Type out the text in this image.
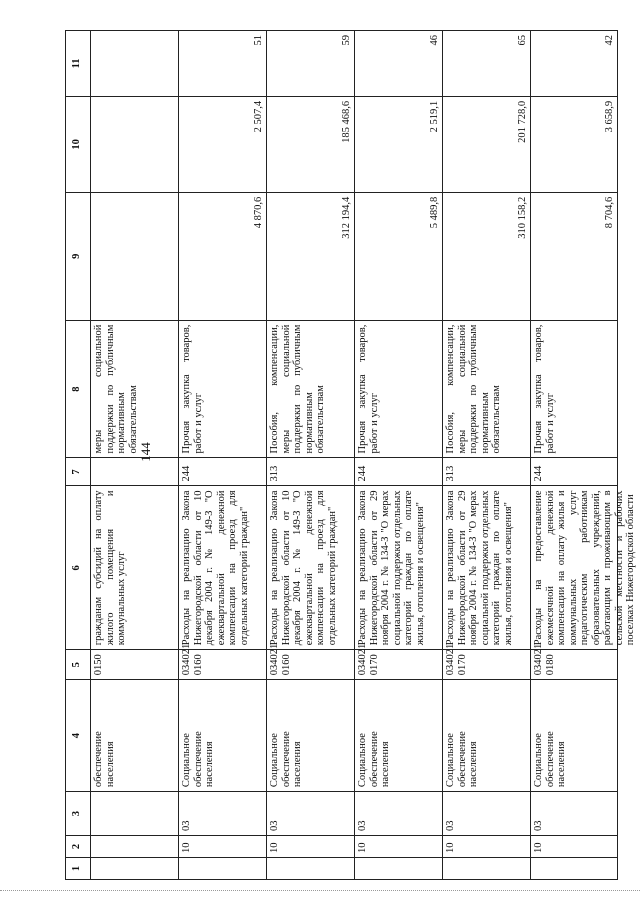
144
1
2
3
4
5
6
7
8
9
10
11
обеспечение населения
0150
гражданам субсидий на оплату жилого помещения и коммунальных услуг
меры социальной поддержки по публичным нормативным обязательствам
10
03
Социальное обеспечение населения
034021 0160
Расходы на реализацию Закона Нижегородской области от 10 декабря 2004 г. № 149-З "О ежеквартальной денежной компенсации на проезд для отдельных категорий граждан"
244
Прочая закупка товаров, работ и услуг
4 870,6
2 507,4
51
10
03
Социальное обеспечение населения
034021 0160
Расходы на реализацию Закона Нижегородской области от 10 декабря 2004 г. № 149-З "О ежеквартальной денежной компенсации на проезд для отдельных категорий граждан"
313
Пособия, компенсации, меры социальной поддержки по публичным нормативным обязательствам
312 194,4
185 468,6
59
10
03
Социальное обеспечение населения
034021 0170
Расходы на реализацию Закона Нижегородской области от 29 ноября 2004 г. № 134-З "О мерах социальной поддержки отдельных категорий граждан по оплате жилья, отопления и освещения"
244
Прочая закупка товаров, работ и услуг
5 489,8
2 519,1
46
10
03
Социальное обеспечение населения
034021 0170
Расходы на реализацию Закона Нижегородской области от 29 ноября 2004 г. № 134-З "О мерах социальной поддержки отдельных категорий граждан по оплате жилья, отопления и освещения"
313
Пособия, компенсации, меры социальной поддержки по публичным нормативным обязательствам
310 158,2
201 728,0
65
10
03
Социальное обеспечение населения
034021 0180
Расходы на предоставление ежемесячной денежной компенсации на оплату жилья и коммунальных услуг педагогическим работникам образовательных учреждений, работающим и проживающим в сельской местности и рабочих поселках Нижегородской области
244
Прочая закупка товаров, работ и услуг
8 704,6
3 658,9
42
